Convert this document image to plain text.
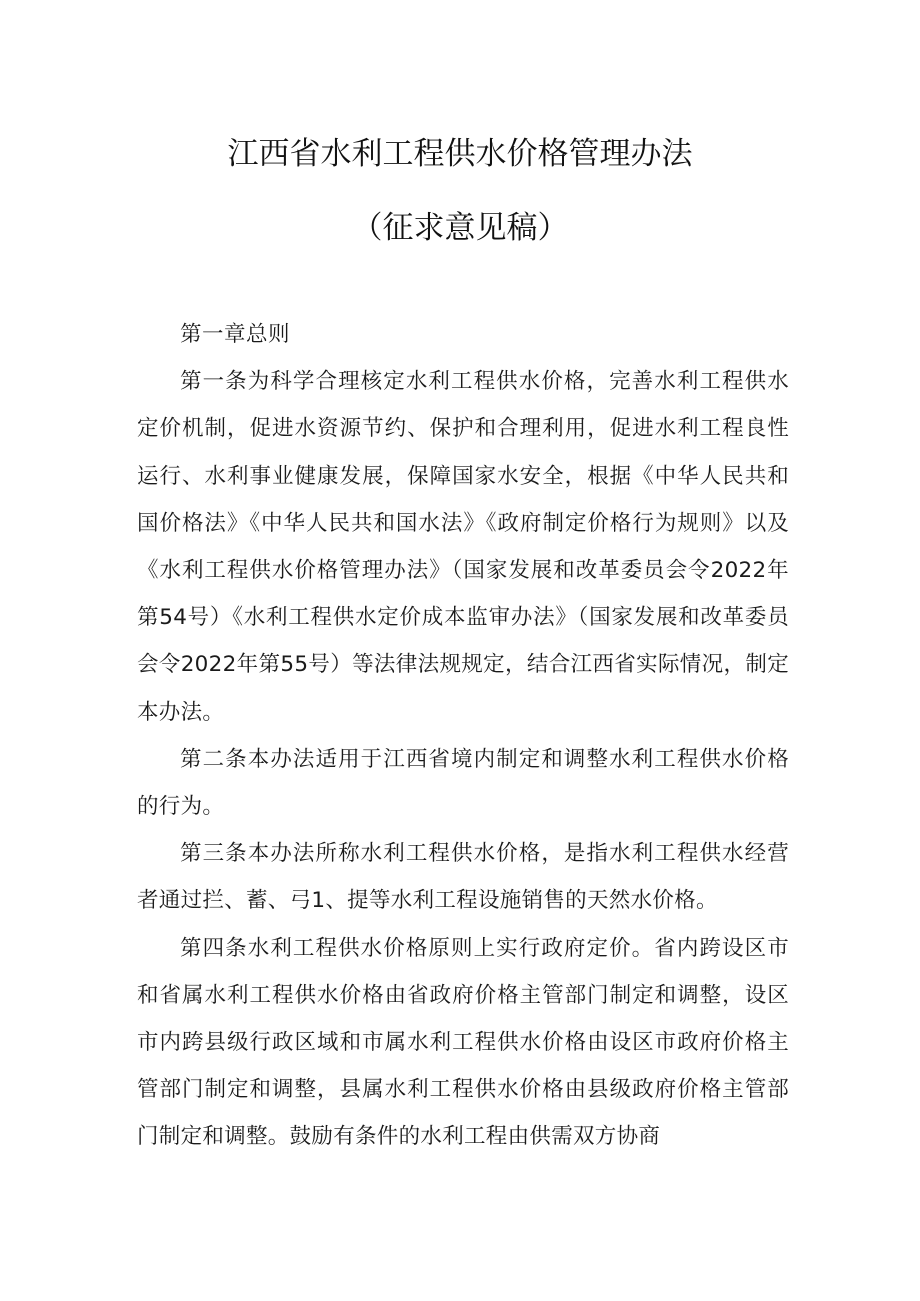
江西省水利工程供水价格管理办法
（征求意见稿）

第一章总则

第一条为科学合理核定水利工程供水价格，完善水利工程供水定价机制，促进水资源节约、保护和合理利用，促进水利工程良性运行、水利事业健康发展，保障国家水安全，根据《中华人民共和国价格法》《中华人民共和国水法》《政府制定价格行为规则》以及《水利工程供水价格管理办法》（国家发展和改革委员会令2022年第54号）《水利工程供水定价成本监审办法》（国家发展和改革委员会令2022年第55号）等法律法规规定，结合江西省实际情况，制定本办法。

第二条本办法适用于江西省境内制定和调整水利工程供水价格的行为。

第三条本办法所称水利工程供水价格，是指水利工程供水经营者通过拦、蓄、弓1、提等水利工程设施销售的天然水价格。

第四条水利工程供水价格原则上实行政府定价。省内跨设区市和省属水利工程供水价格由省政府价格主管部门制定和调整，设区市内跨县级行政区域和市属水利工程供水价格由设区市政府价格主管部门制定和调整，县属水利工程供水价格由县级政府价格主管部门制定和调整。鼓励有条件的水利工程由供需双方协商
